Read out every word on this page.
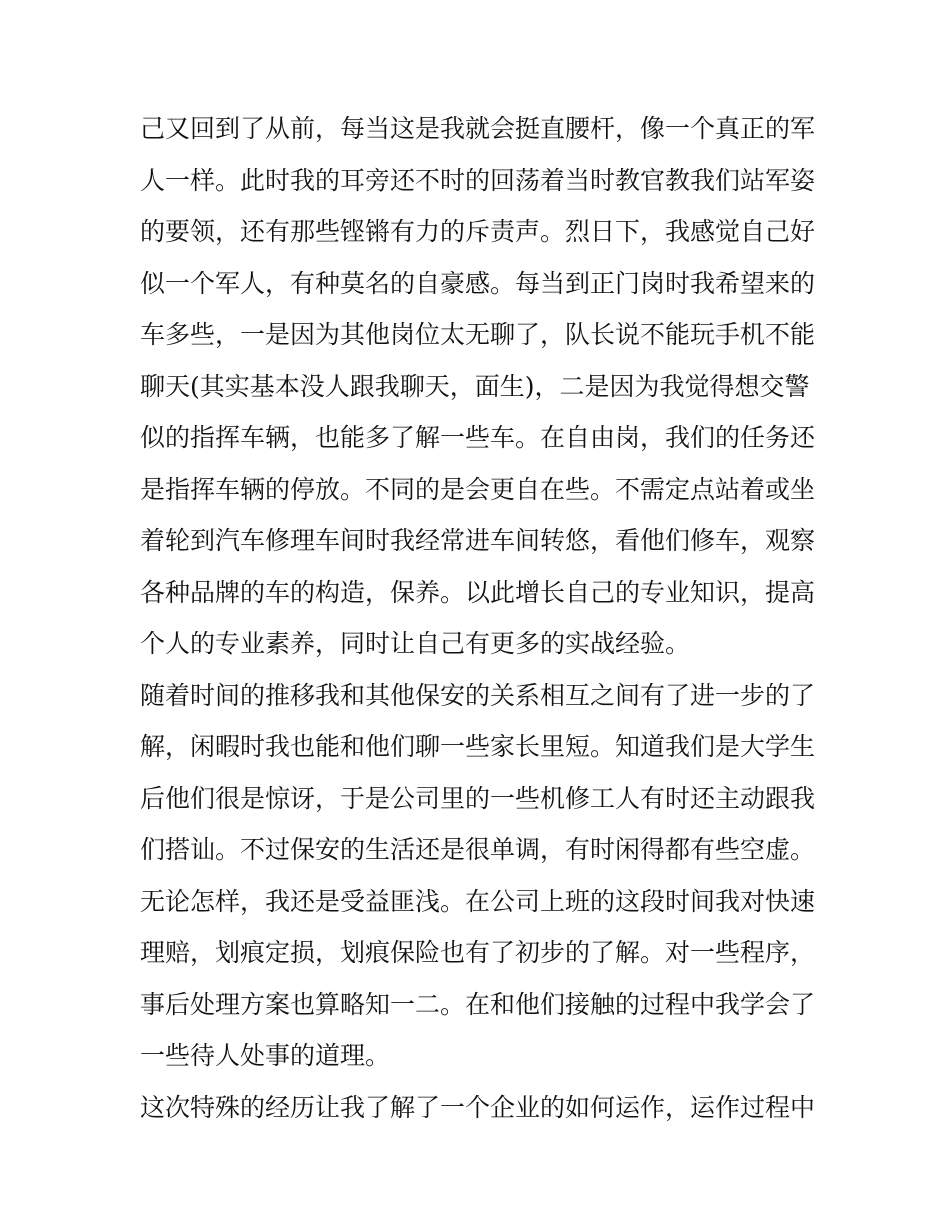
己又回到了从前，每当这是我就会挺直腰杆，像一个真正的军
人一样。此时我的耳旁还不时的回荡着当时教官教我们站军姿
的要领，还有那些铿锵有力的斥责声。烈日下，我感觉自己好
似一个军人，有种莫名的自豪感。每当到正门岗时我希望来的
车多些，一是因为其他岗位太无聊了，队长说不能玩手机不能
聊天(其实基本没人跟我聊天，面生)，二是因为我觉得想交警
似的指挥车辆，也能多了解一些车。在自由岗，我们的任务还
是指挥车辆的停放。不同的是会更自在些。不需定点站着或坐
着轮到汽车修理车间时我经常进车间转悠，看他们修车，观察
各种品牌的车的构造，保养。以此增长自己的专业知识，提高
个人的专业素养，同时让自己有更多的实战经验。
随着时间的推移我和其他保安的关系相互之间有了进一步的了
解，闲暇时我也能和他们聊一些家长里短。知道我们是大学生
后他们很是惊讶，于是公司里的一些机修工人有时还主动跟我
们搭讪。不过保安的生活还是很单调，有时闲得都有些空虚。
无论怎样，我还是受益匪浅。在公司上班的这段时间我对快速
理赔，划痕定损，划痕保险也有了初步的了解。对一些程序，
事后处理方案也算略知一二。在和他们接触的过程中我学会了
一些待人处事的道理。
这次特殊的经历让我了解了一个企业的如何运作，运作过程中
